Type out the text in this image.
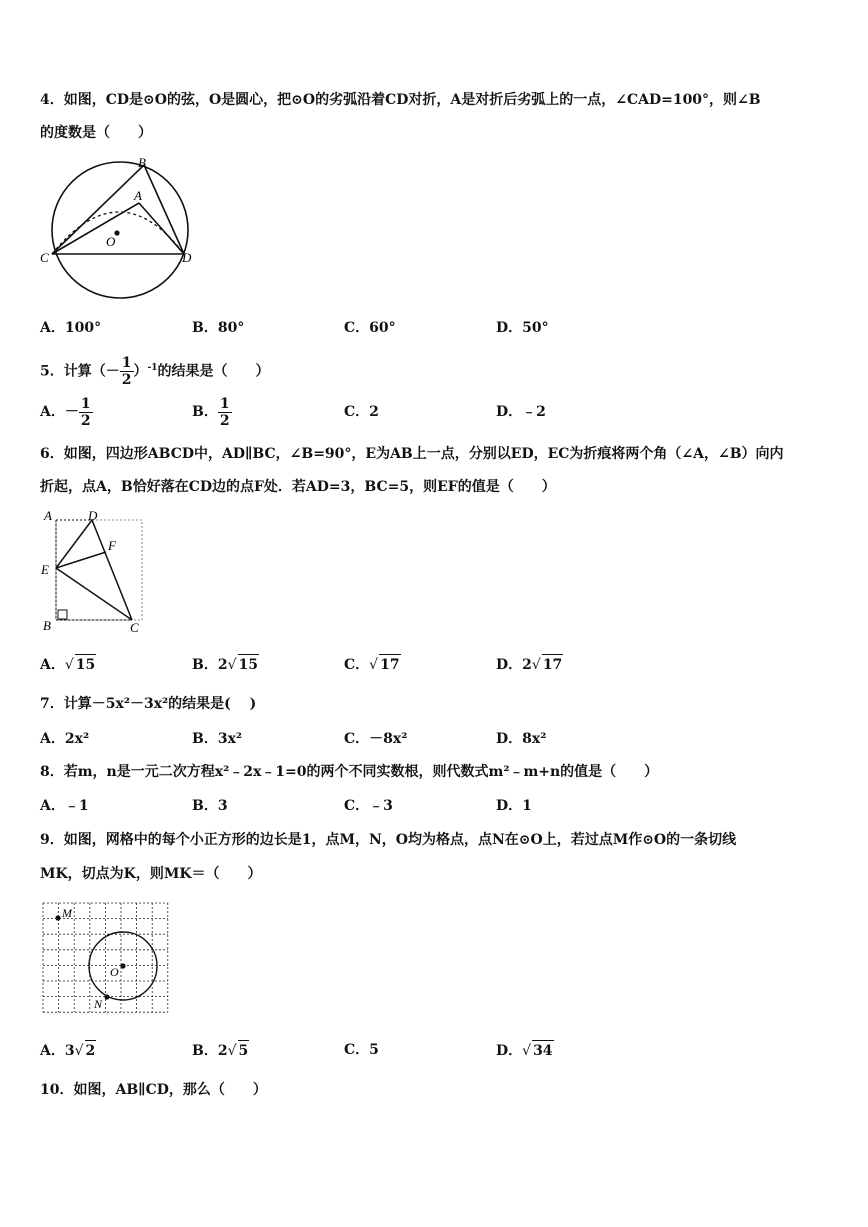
4．如图，CD是⊙O的弦，O是圆心，把⊙O的劣弧沿着CD对折，A是对折后劣弧上的一点，∠CAD=100°，则∠B
的度数是（　　）
B
A
O
C	D
A．100°	B．80°	C．60°	D．50°
5．计算（－ $\frac{1}{2} )^{-1}$的结果是（　　）
A．－ $\frac{1}{2}$	B． $\frac{1}{2}$	C．2	D．﹣2
6．如图，四边形ABCD中，AD∥BC，∠B=90°，E为AB上一点，分别以ED，EC为折痕将两个角（∠A，∠B）向内
折起，点A，B恰好落在CD边的点F处．若AD=3，BC=5，则EF的值是（　　）
A	D
F
E
B	C
A．√ 15	B．2√ 15	C．√ 17	D．2√ 17
7．计算－5x²－3x²的结果是(　 )
A．2x²	B．3x²	C．－8x²	D．8x²
8．若m，n是一元二次方程x²﹣2x﹣1=0的两个不同实数根，则代数式m²﹣m+n的值是（　　）
A．﹣1	B．3	C．﹣3	D．1
9．如图，网格中的每个小正方形的边长是1，点M，N，O均为格点，点N在⊙O上，若过点M作⊙O的一条切线
MK，切点为K，则MK＝（　　）
M
O
N
A．3√ 2	B．2√ 5	C．5	D．√ 34
10．如图，AB∥CD，那么（　　）
